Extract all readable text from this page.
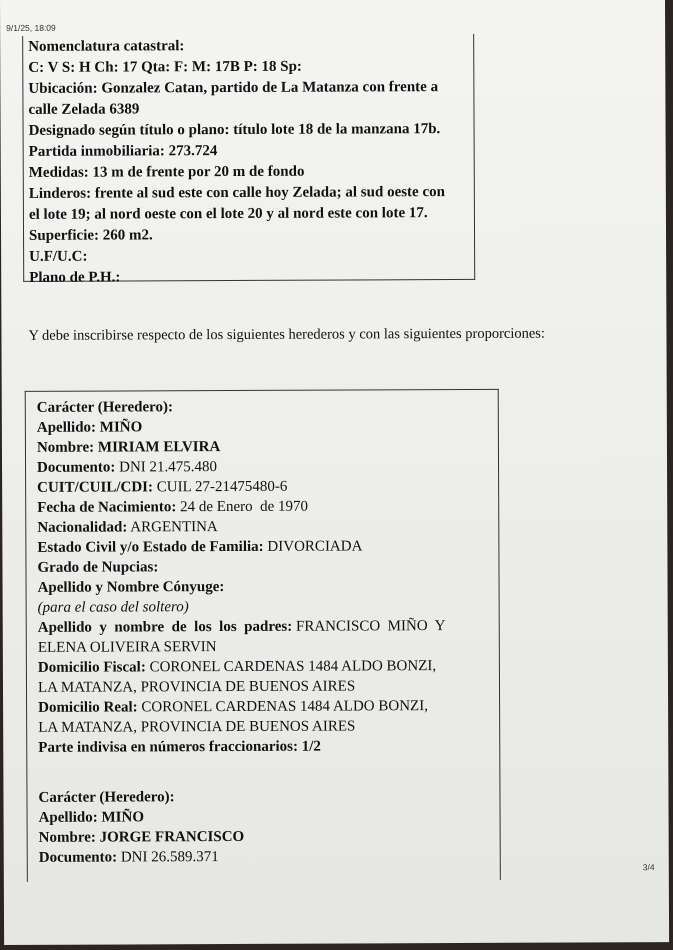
9/1/25, 18:09
Nomenclatura catastral:
C: V S: H Ch: 17 Qta: F: M: 17B P: 18 Sp:
Ubicación: Gonzalez Catan, partido de La Matanza con frente a
calle Zelada 6389
Designado según título o plano: título lote 18 de la manzana 17b.
Partida inmobiliaria: 273.724
Medidas: 13 m de frente por 20 m de fondo
Linderos: frente al sud este con calle hoy Zelada; al sud oeste con
el lote 19; al nord oeste con el lote 20 y al nord este con lote 17.
Superficie: 260 m2.
U.F/U.C:
Plano de P.H.:
Y debe inscribirse respecto de los siguientes herederos y con las siguientes proporciones:
Carácter (Heredero):
Apellido: MIÑO
Nombre: MIRIAM ELVIRA
Documento: DNI 21.475.480
CUIT/CUIL/CDI: CUIL 27-21475480-6
Fecha de Nacimiento: 24 de Enero  de 1970
Nacionalidad: ARGENTINA
Estado Civil y/o Estado de Familia: DIVORCIADA
Grado de Nupcias:
Apellido y Nombre Cónyuge:
(para el caso del soltero)
Apellido  y  nombre  de  los  los  padres: FRANCISCO  MIÑO  Y
ELENA OLIVEIRA SERVIN
Domicilio Fiscal: CORONEL CARDENAS 1484 ALDO BONZI,
LA MATANZA, PROVINCIA DE BUENOS AIRES
Domicilio Real: CORONEL CARDENAS 1484 ALDO BONZI,
LA MATANZA, PROVINCIA DE BUENOS AIRES
Parte indivisa en números fraccionarios: 1/2
Carácter (Heredero):
Apellido: MIÑO
Nombre: JORGE FRANCISCO
Documento: DNI 26.589.371
3/4
